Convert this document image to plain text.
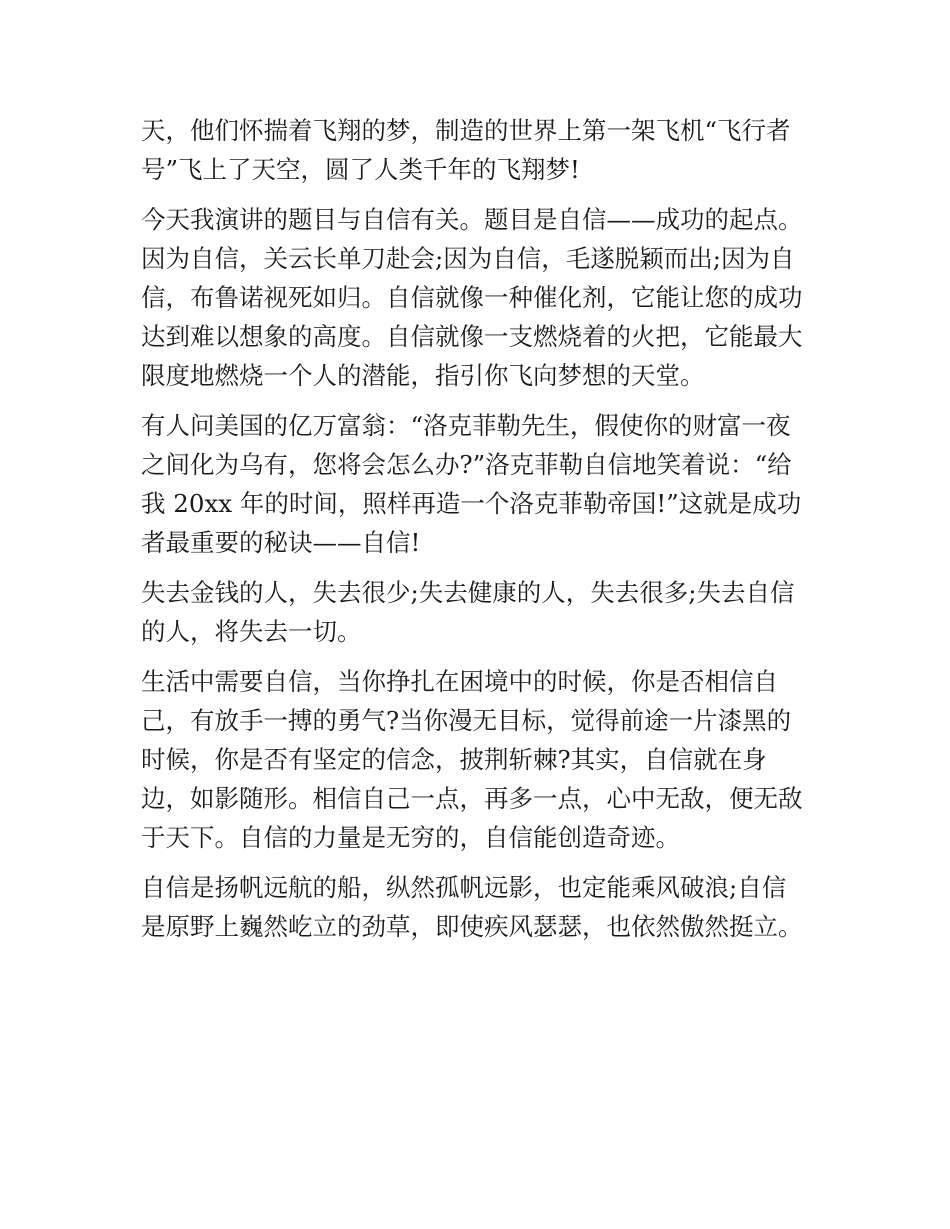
天，他们怀揣着飞翔的梦，制造的世界上第一架飞机“飞行者

号”飞上了天空，圆了人类千年的飞翔梦!

今天我演讲的题目与自信有关。题目是自信——成功的起点。

因为自信，关云长单刀赴会;因为自信，毛遂脱颖而出;因为自

信，布鲁诺视死如归。自信就像一种催化剂，它能让您的成功

达到难以想象的高度。自信就像一支燃烧着的火把，它能最大

限度地燃烧一个人的潜能，指引你飞向梦想的天堂。

有人问美国的亿万富翁：“洛克菲勒先生，假使你的财富一夜

之间化为乌有，您将会怎么办?”洛克菲勒自信地笑着说：“给

我 20xx 年的时间，照样再造一个洛克菲勒帝国!”这就是成功

者最重要的秘诀——自信!

失去金钱的人，失去很少;失去健康的人，失去很多;失去自信

的人，将失去一切。

生活中需要自信，当你挣扎在困境中的时候，你是否相信自

己，有放手一搏的勇气?当你漫无目标，觉得前途一片漆黑的

时候，你是否有坚定的信念，披荆斩棘?其实，自信就在身

边，如影随形。相信自己一点，再多一点，心中无敌，便无敌

于天下。自信的力量是无穷的，自信能创造奇迹。

自信是扬帆远航的船，纵然孤帆远影，也定能乘风破浪;自信

是原野上巍然屹立的劲草，即使疾风瑟瑟，也依然傲然挺立。
